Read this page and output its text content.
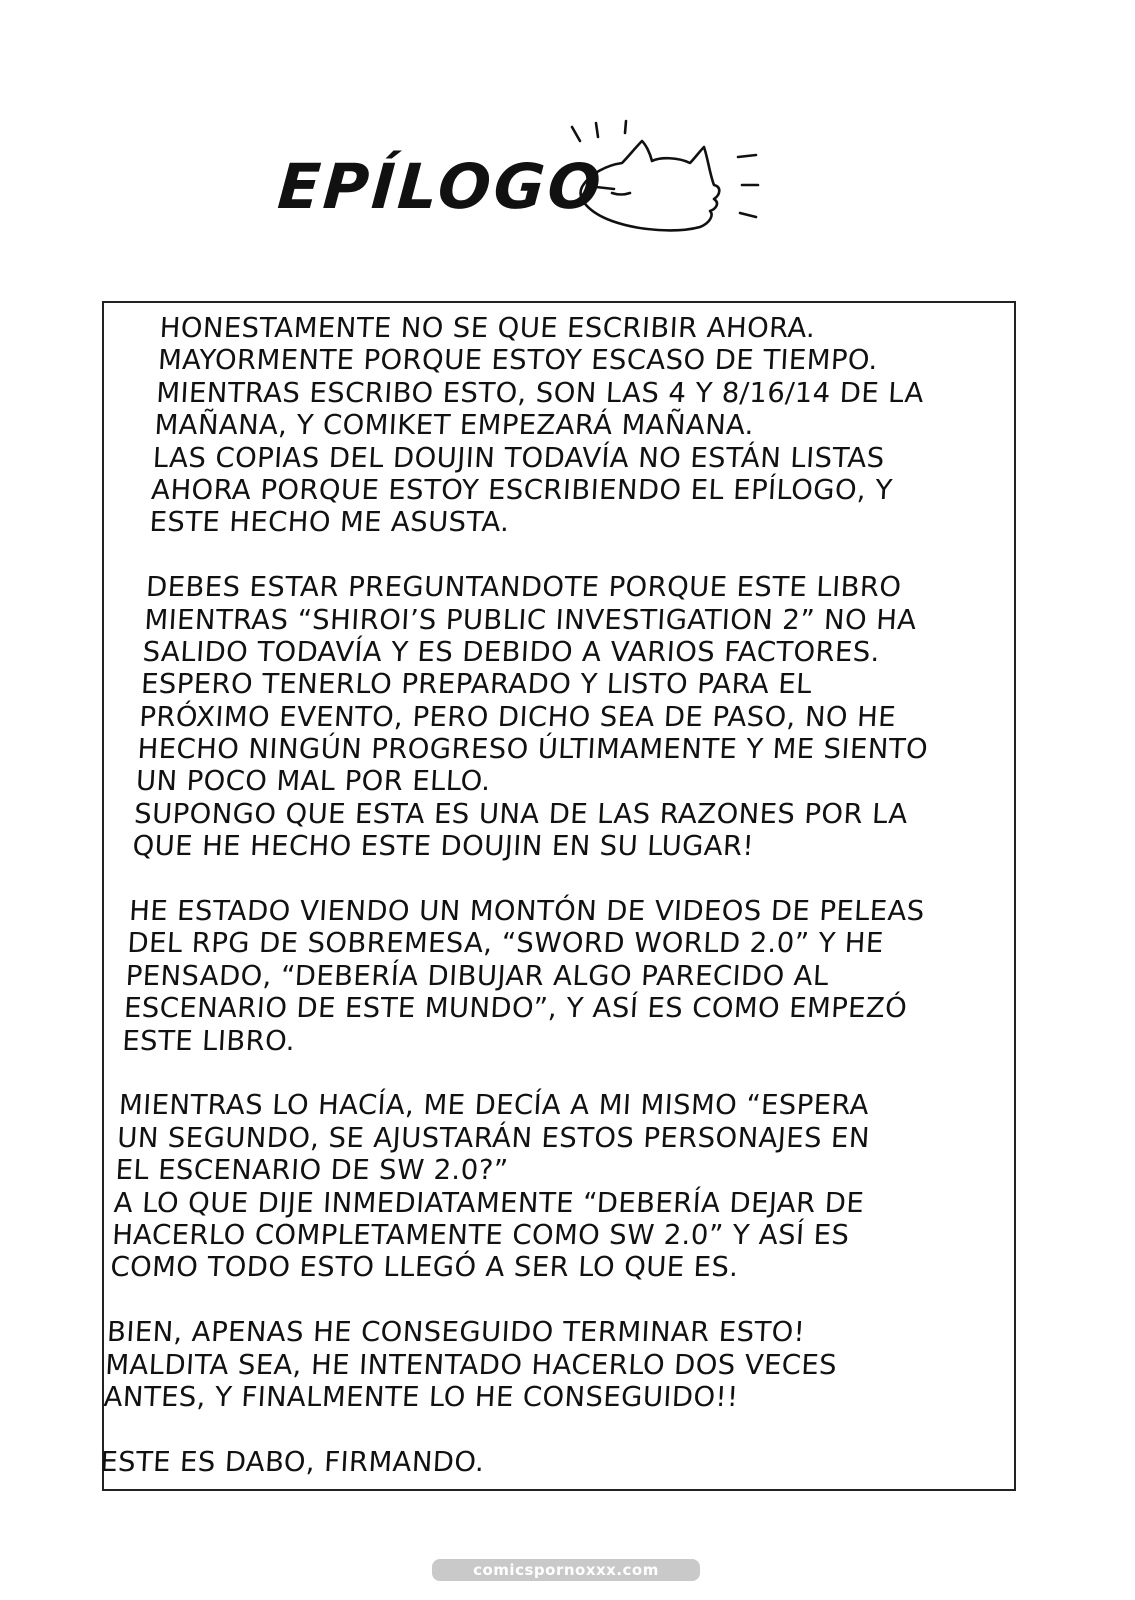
EPÍLOGO
HONESTAMENTE NO SE QUE ESCRIBIR AHORA.
MAYORMENTE PORQUE ESTOY ESCASO DE TIEMPO.
MIENTRAS ESCRIBO ESTO, SON LAS 4 Y 8/16/14 DE LA
MAÑANA, Y COMIKET EMPEZARÁ MAÑANA.
LAS COPIAS DEL DOUJIN TODAVÍA NO ESTÁN LISTAS
AHORA PORQUE ESTOY ESCRIBIENDO EL EPÍLOGO, Y
ESTE HECHO ME ASUSTA.
DEBES ESTAR PREGUNTANDOTE PORQUE ESTE LIBRO
MIENTRAS “SHIROI’S PUBLIC INVESTIGATION 2” NO HA
SALIDO TODAVÍA Y ES DEBIDO A VARIOS FACTORES.
ESPERO TENERLO PREPARADO Y LISTO PARA EL
PRÓXIMO EVENTO, PERO DICHO SEA DE PASO, NO HE
HECHO NINGÚN PROGRESO ÚLTIMAMENTE Y ME SIENTO
UN POCO MAL POR ELLO.
SUPONGO QUE ESTA ES UNA DE LAS RAZONES POR LA
QUE HE HECHO ESTE DOUJIN EN SU LUGAR!
HE ESTADO VIENDO UN MONTÓN DE VIDEOS DE PELEAS
DEL RPG DE SOBREMESA, “SWORD WORLD 2.0” Y HE
PENSADO, “DEBERÍA DIBUJAR ALGO PARECIDO AL
ESCENARIO DE ESTE MUNDO”, Y ASÍ ES COMO EMPEZÓ
ESTE LIBRO.
MIENTRAS LO HACÍA, ME DECÍA A MI MISMO “ESPERA
UN SEGUNDO, SE AJUSTARÁN ESTOS PERSONAJES EN
EL ESCENARIO DE SW 2.0?”
A LO QUE DIJE INMEDIATAMENTE “DEBERÍA DEJAR DE
HACERLO COMPLETAMENTE COMO SW 2.0” Y ASÍ ES
COMO TODO ESTO LLEGÓ A SER LO QUE ES.
BIEN, APENAS HE CONSEGUIDO TERMINAR ESTO!
MALDITA SEA, HE INTENTADO HACERLO DOS VECES
ANTES, Y FINALMENTE LO HE CONSEGUIDO!!
ESTE ES DABO, FIRMANDO.
comicspornoxxx.com
